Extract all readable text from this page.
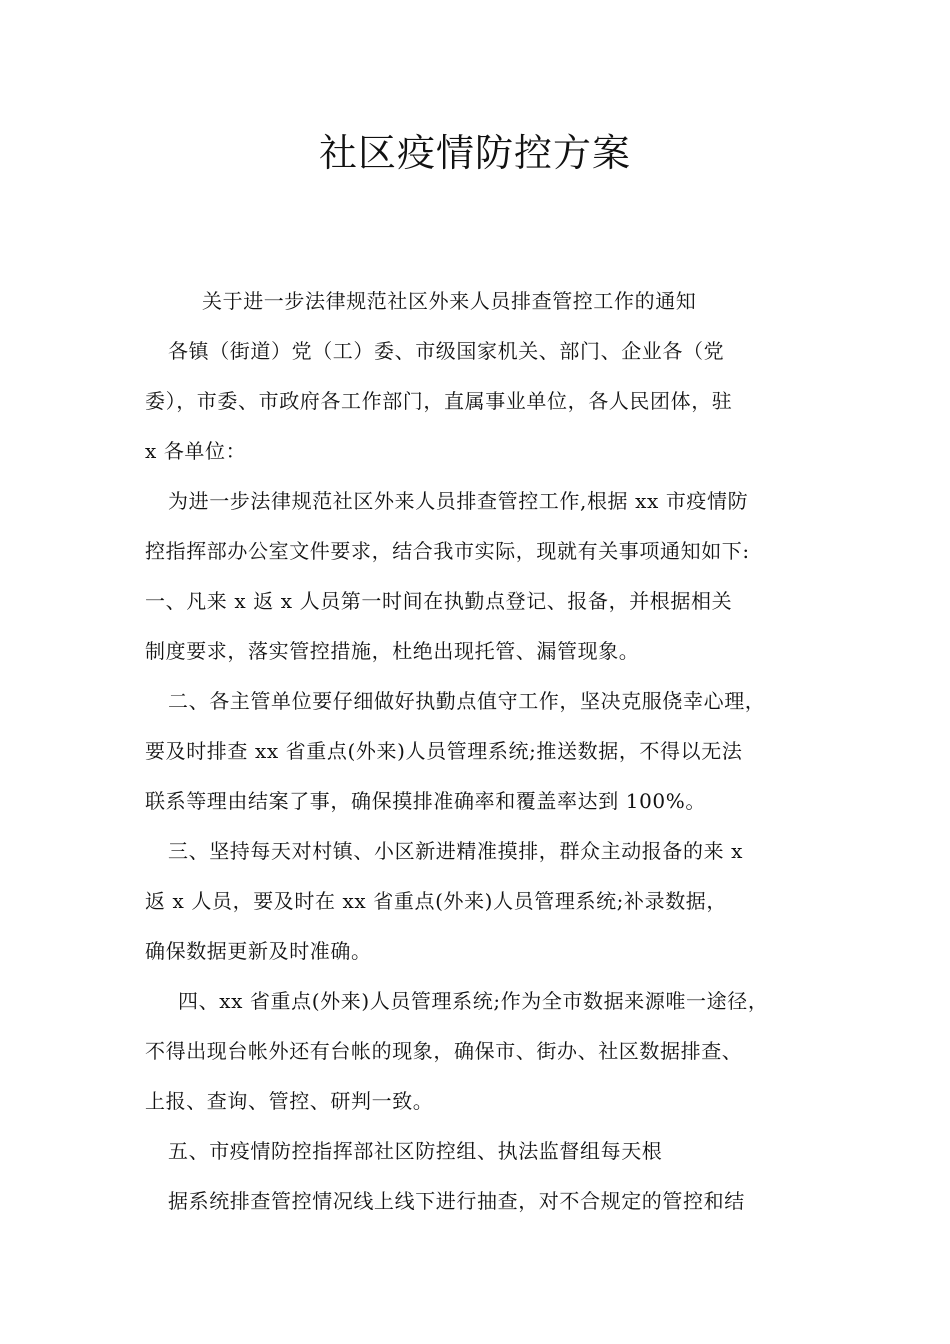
社区疫情防控方案
关于进一步法律规范社区外来人员排查管控工作的通知
各镇（街道）党（工）委、市级国家机关、部门、企业各（党
委），市委、市政府各工作部门，直属事业单位，各人民团体，驻
x 各单位：
为进一步法律规范社区外来人员排查管控工作,根据 xx 市疫情防
控指挥部办公室文件要求，结合我市实际，现就有关事项通知如下:
一、凡来 x 返 x 人员第一时间在执勤点登记、报备，并根据相关
制度要求，落实管控措施，杜绝出现托管、漏管现象。
二、各主管单位要仔细做好执勤点值守工作，坚决克服侥幸心理，
要及时排查 xx 省重点(外来)人员管理系统;推送数据，不得以无法
联系等理由结案了事，确保摸排准确率和覆盖率达到 100%。
三、坚持每天对村镇、小区新进精准摸排，群众主动报备的来 x
返 x 人员，要及时在 xx 省重点(外来)人员管理系统;补录数据，
确保数据更新及时准确。
四、xx 省重点(外来)人员管理系统;作为全市数据来源唯一途径，
不得出现台帐外还有台帐的现象，确保市、街办、社区数据排查、
上报、查询、管控、研判一致。
五、市疫情防控指挥部社区防控组、执法监督组每天根
据系统排查管控情况线上线下进行抽查，对不合规定的管控和结
